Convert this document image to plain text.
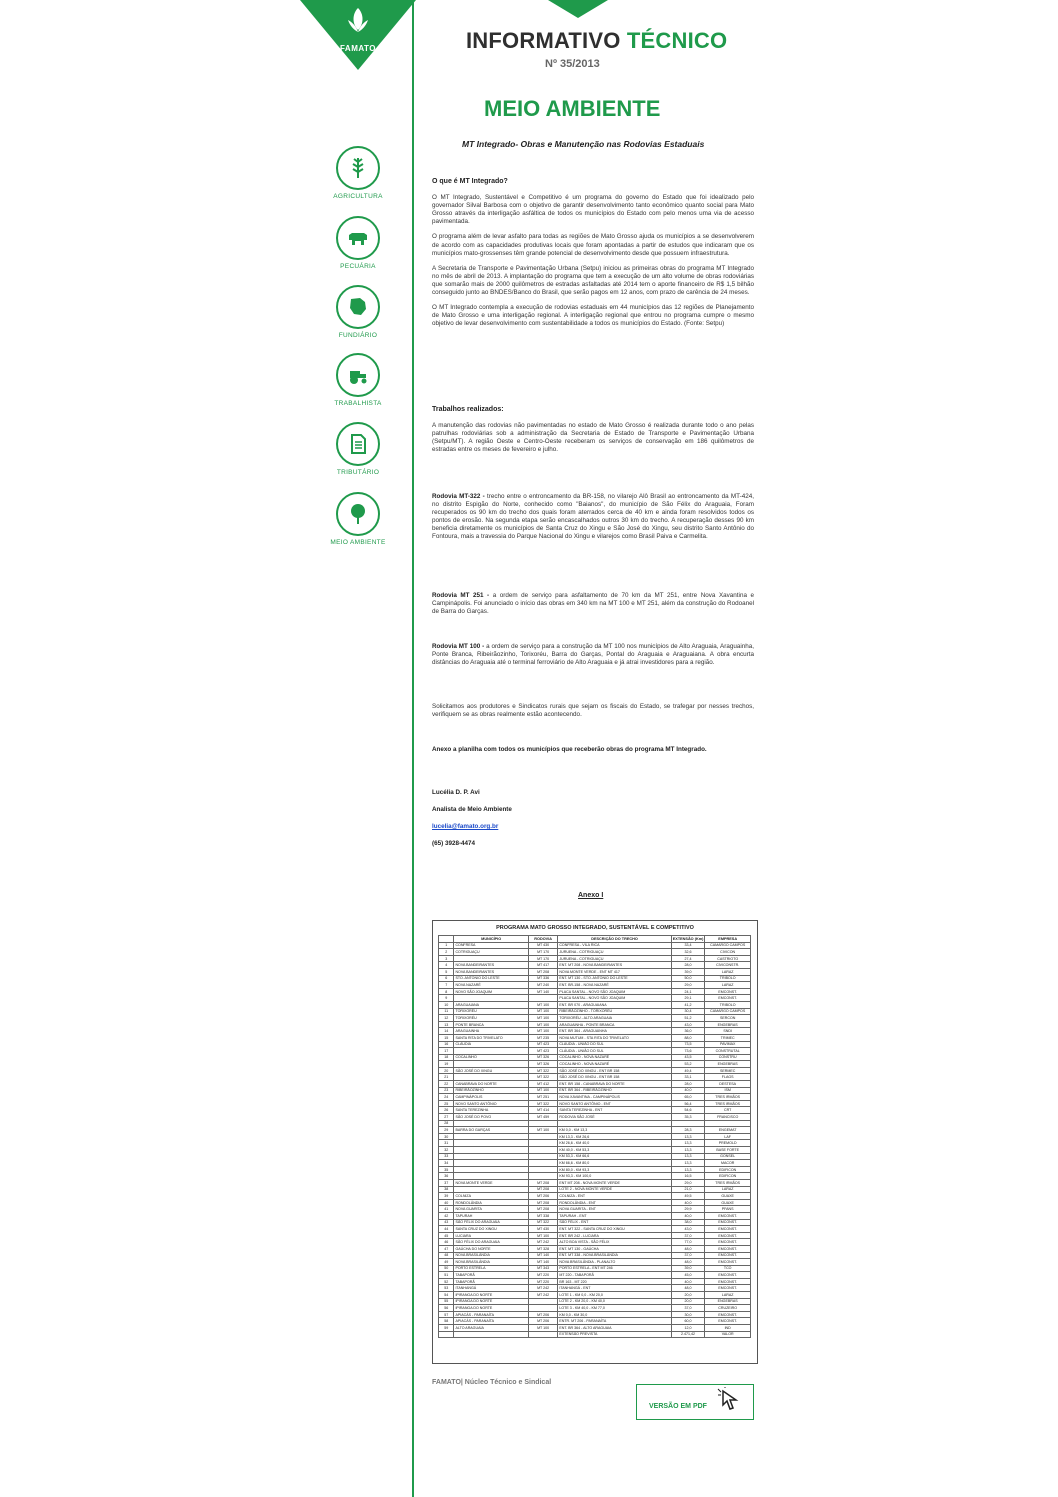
FAMATO	INFORMATIVO TÉCNICO
Nº 35/2013
MEIO AMBIENTE
MT Integrado- Obras e Manutenção nas Rodovias Estaduais
AGRICULTURA
PECUÁRIA
FUNDIÁRIO
TRABALHISTA
TRIBUTÁRIO
MEIO AMBIENTE
O que é MT Integrado?

O MT Integrado, Sustentável e Competitivo é um programa do governo do Estado que foi idealizado pelo governador Silval Barbosa com o objetivo de garantir desenvolvimento tanto econômico quanto social para Mato Grosso através da interligação asfáltica de todos os municípios do Estado com pelo menos uma via de acesso pavimentada.

O programa além de levar asfalto para todas as regiões de Mato Grosso ajuda os municípios a se desenvolverem de acordo com as capacidades produtivas locais que foram apontadas a partir de estudos que indicaram que os municípios mato-grossenses têm grande potencial de desenvolvimento desde que possuem infraestrutura.

A Secretaria de Transporte e Pavimentação Urbana (Setpu) iniciou as primeiras obras do programa MT Integrado no mês de abril de 2013. A implantação do programa que tem a execução de um alto volume de obras rodoviárias que somarão mais de 2000 quilômetros de estradas asfaltadas até 2014 tem o aporte financeiro de R$ 1,5 bilhão conseguido junto ao BNDES/Banco do Brasil, que serão pagos em 12 anos, com prazo de carência de 24 meses.

O MT Integrado contempla a execução de rodovias estaduais em 44 municípios das 12 regiões de Planejamento de Mato Grosso e uma interligação regional. A interligação regional que entrou no programa cumpre o mesmo objetivo de levar desenvolvimento com sustentabilidade a todos os municípios do Estado. (Fonte: Setpu)

Trabalhos realizados:

A manutenção das rodovias não pavimentadas no estado de Mato Grosso é realizada durante todo o ano pelas patrulhas rodoviárias sob a administração da Secretaria de Estado de Transporte e Pavimentação Urbana (Setpu/MT). A região Oeste e Centro-Oeste receberam os serviços de conservação em 186 quilômetros de estradas entre os meses de fevereiro e julho.

Rodovia MT-322 - trecho entre o entroncamento da BR-158, no vilarejo Alô Brasil ao entroncamento da MT-424, no distrito Espigão do Norte, conhecido como "Baianos", do município de São Félix do Araguaia, Foram recuperados os 90 km do trecho dos quais foram aterrados cerca de 40 km e ainda foram resolvidos todos os pontos de erosão. Na segunda etapa serão encascalhados outros 30 km do trecho. A recuperação desses 90 km beneficia diretamente os municípios de Santa Cruz do Xingu e São José do Xingu, seu distrito Santo Antônio do Fontoura, mais a travessia do Parque Nacional do Xingu e vilarejos como Brasil Paiva e Carmelita.

Rodovia MT 251 - a ordem de serviço para asfaltamento de 70 km da MT 251, entre Nova Xavantina e Campinápolis. Foi anunciado o início das obras em 340 km na MT 100 e MT 251, além da construção do Rodoanel de Barra do Garças.

Rodovia MT 100 - a ordem de serviço para a construção da MT 100 nos municípios de Alto Araguaia, Araguainha, Ponte Branca, Ribeirãozinho, Torixoréu, Barra do Garças, Pontal do Araguaia e Araguaiana. A obra encurta distâncias do Araguaia até o terminal ferroviário de Alto Araguaia e já atrai investidores para a região.

Solicitamos aos produtores e Sindicatos rurais que sejam os fiscais do Estado, se trafegar por nesses trechos, verifiquem se as obras realmente estão acontecendo.

Anexo a planilha com todos os municípios que receberão obras do programa MT Integrado.

Lucélia D. P. Avi

Analista de Meio Ambiente

lucelia@famato.org.br

(65) 3928-4474

Anexo I
PROGRAMA MATO GROSSO INTEGRADO, SUSTENTÁVEL E COMPETITIVO
	MUNICÍPIO	RODOVIA	DESCRIÇÃO DO TRECHO	EXTENSÃO (Km)	EMPRESA
1	CONFRESA	MT 430	CONFRESA - VILA RICA	33,4	CAMARGO CAMPOS
2	COTRIGUAÇU	MT 170	JURUENA - COTRIGUAÇU	32,6	CIVICON
3		MT 170	JURUENA - COTRIGUAÇU	27,4	CASTRIOTO
4	NOVA BANDEIRANTES	MT 417	ENT. MT 208 - NOVA BANDEIRANTES	28,0	CIVICONSTR.
5	NOVA BANDEIRANTES	MT 208	NOVA MONTE VERDE - ENT MT 417	39,0	LARAZ
6	STO. ANTONIO DO LESTE	MT 336	ENT. MT 130 - STO. ANTONIO DO LESTE	50,0	TRIBOLO
7	NOVA NAZARÉ	MT 240	ENT. BR-158 - NOVA NAZARÉ	29,0	LARAZ
8	NOVO SÃO JOAQUIM	MT 140	PLACA SANTAL - NOVO SÃO JOAQUIM	24,1	EMCONST.
9			PLACA SANTAL - NOVO SÃO JOAQUIM	29,1	EMCONST.
10	ARAGUAIANA	MT 100	ENT. BR 070 - ARAGUAIANA	41,2	TRIBOLO
11	TORIXORÉU	MT 100	RIBEIRÃOZINHO - TORIXORÉU	30,4	CAMARGO CAMPOS
12	TORIXORÉU	MT 100	TORIXORÉU - ALTO ARAGUAIA	51,2	SERCON
13	PONTE BRANCA	MT 100	ARAGUAINHA - PONTE BRANCA	43,0	ENGEBRAS
14	ARAGUAINHA	MT 100	ENT. BR 364 - ARAGUAINHA	36,0	SNDI
15	SANTA RITA DO TRIVELATO	MT 235	NOVA MUTUM - STA RITA DO TRIVELATO	88,0	TRIMEC
16	CLÁUDIA	MT 423	CLÁUDIA - UNIÃO DO SUL	73,5	PAVIMAX
17		MT 423	CLÁUDIA - UNIÃO DO SUL	73,6	CONSTRUTAL
18	COCALINHO	MT 326	COCALINHO - NOVA NAZARÉ	43,5	CONSTRU
19		MT 326	COCALINHO - NOVA NAZARÉ	53,2	ENGEBRAS
20	SÃO JOSÉ DO XINGU	MT 322	SÃO JOSÉ DO XINGU - ENT BR 158	49,4	SERMEC
21		MT 322	SÃO JOSÉ DO XINGU - ENT BR 158	33,1	FLAGS
22	CANABRAVA DO NORTE	MT 412	ENT. BR 158 - CANABRAVA DO NORTE	28,0	DESTESA
23	RIBEIRÃOZINHO	MT 100	ENT. BR 364 - RIBEIRÃOZINHO	40,0	ISM
24	CAMPINÁPOLIS	MT 251	NOVA XAVANTINA - CAMPINÁPOLIS	65,0	TRES IRMÃOS
25	NOVO SANTO ANTÔNIO	MT 322	NOVO SANTO ANTÔNIO - ENT	56,4	TRES IRMÃOS
26	SANTA TEREZINHA	MT 414	SANTA TEREZINHA - ENT	54,6	CRT
27	SÃO JOSÉ DO POVO	MT 459	RODOVIA SÃO JOSÉ	35,3	FRANCISCO
28					
29	BARRA DO GARÇAS	MT 100	KM 0,0 - KM 13,3	28,3	ENGEMAT
30			KM 13,3 - KM 26,6	13,3	LAF
31			KM 26,6 - KM 40,0	13,3	PREMOLD
32			KM 40,0 - KM 53,3	13,3	BASE FORTE
33			KM 53,3 - KM 66,6	13,3	GONSEL
34			KM 66,6 - KM 80,0	13,3	MACOR
35			KM 80,0 - KM 93,3	13,3	EDIFICON
36			KM 93,3 - KM 100,0	16,5	EDIFICON
37	NOVA MONTE VERDE	MT 208	ENT MT 208 - NOVA MONTE VERDE	29,0	TRES IRMÃOS
38		MT 208	LOTE 2 - NOVA MONTE VERDE	21,0	LARAZ
39	COLNIZA	MT 206	COLNIZA - ENT	49,5	GUAXE
40	RONDOLÂNDIA	MT 208	RONDOLÂNDIA - ENT	40,0	GUAXE
41	NOVA GUARITA	MT 208	NOVA GUARITA - ENT	29,9	PFANS
42	TAPURAH	MT 338	TAPURAH - ENT	40,0	EMCONST.
43	SÃO FÉLIX DO ARAGUAIA	MT 322	SÃO FÉLIX - ENT	38,0	EMCONST.
44	SANTA CRUZ DO XINGU	MT 430	ENT. MT 322 - SANTA CRUZ DO XINGU	43,0	EMCONST.
45	LUCIARA	MT 100	ENT. BR 242 - LUCIARA	37,0	EMCONST.
46	SÃO FÉLIX DO ARAGUAIA	MT 242	ALTO BOA VISTA - SÃO FÉLIX	77,0	EMCONST.
47	GAÚCHA DO NORTE	MT 328	ENT. MT 130 - GAÚCHA	48,0	EMCONST.
48	NOVA BRASILÂNDIA	MT 140	ENT. MT 338 - NOVA BRASILÂNDIA	37,0	EMCONST.
49	NOVA BRASILÂNDIA	MT 140	NOVA BRASILÂNDIA - PLANALTO	48,0	EMCONST.
50	PORTO ESTRELA	MT 343	PORTO ESTRELA - ENT MT 246	39,0	TCO
51	TABAPORÃ	MT 220	MT 220 - TABAPORÃ	45,0	EMCONST.
52	TABAPORÃ	MT 220	BR 163 - MT 220	40,0	EMCONST.
53	ITANHANGÁ	MT 242	ITANHANGÁ - ENT	48,0	EMCONST.
54	IPIRANGA DO NORTE	MT 242	LOTE 1 - KM 0,0 - KM 20,0	20,0	LARAZ
55	IPIRANGA DO NORTE		LOTE 2 - KM 20,0 - KM 40,0	20,0	ENGEBRAS
56	IPIRANGA DO NORTE		LOTE 3 - KM 40,0 - KM 77,0	37,0	CRUZEIRO
57	APIACÁS - PARANAÍTA	MT 206	KM 0,0 - KM 30,0	30,0	EMCONST.
58	APIACÁS - PARANAÍTA	MT 206	ENTR. MT 206 - PARANAÍTA	60,0	EMCONST.
59	ALTO ARAGUAIA	MT 100	ENT. BR 364 - ALTO ARAGUAIA	12,0	IND
			EXTENSÃO PREVISTA	2.471,42	VALOR
FAMATO| Núcleo Técnico e Sindical
VERSÃO EM PDF
